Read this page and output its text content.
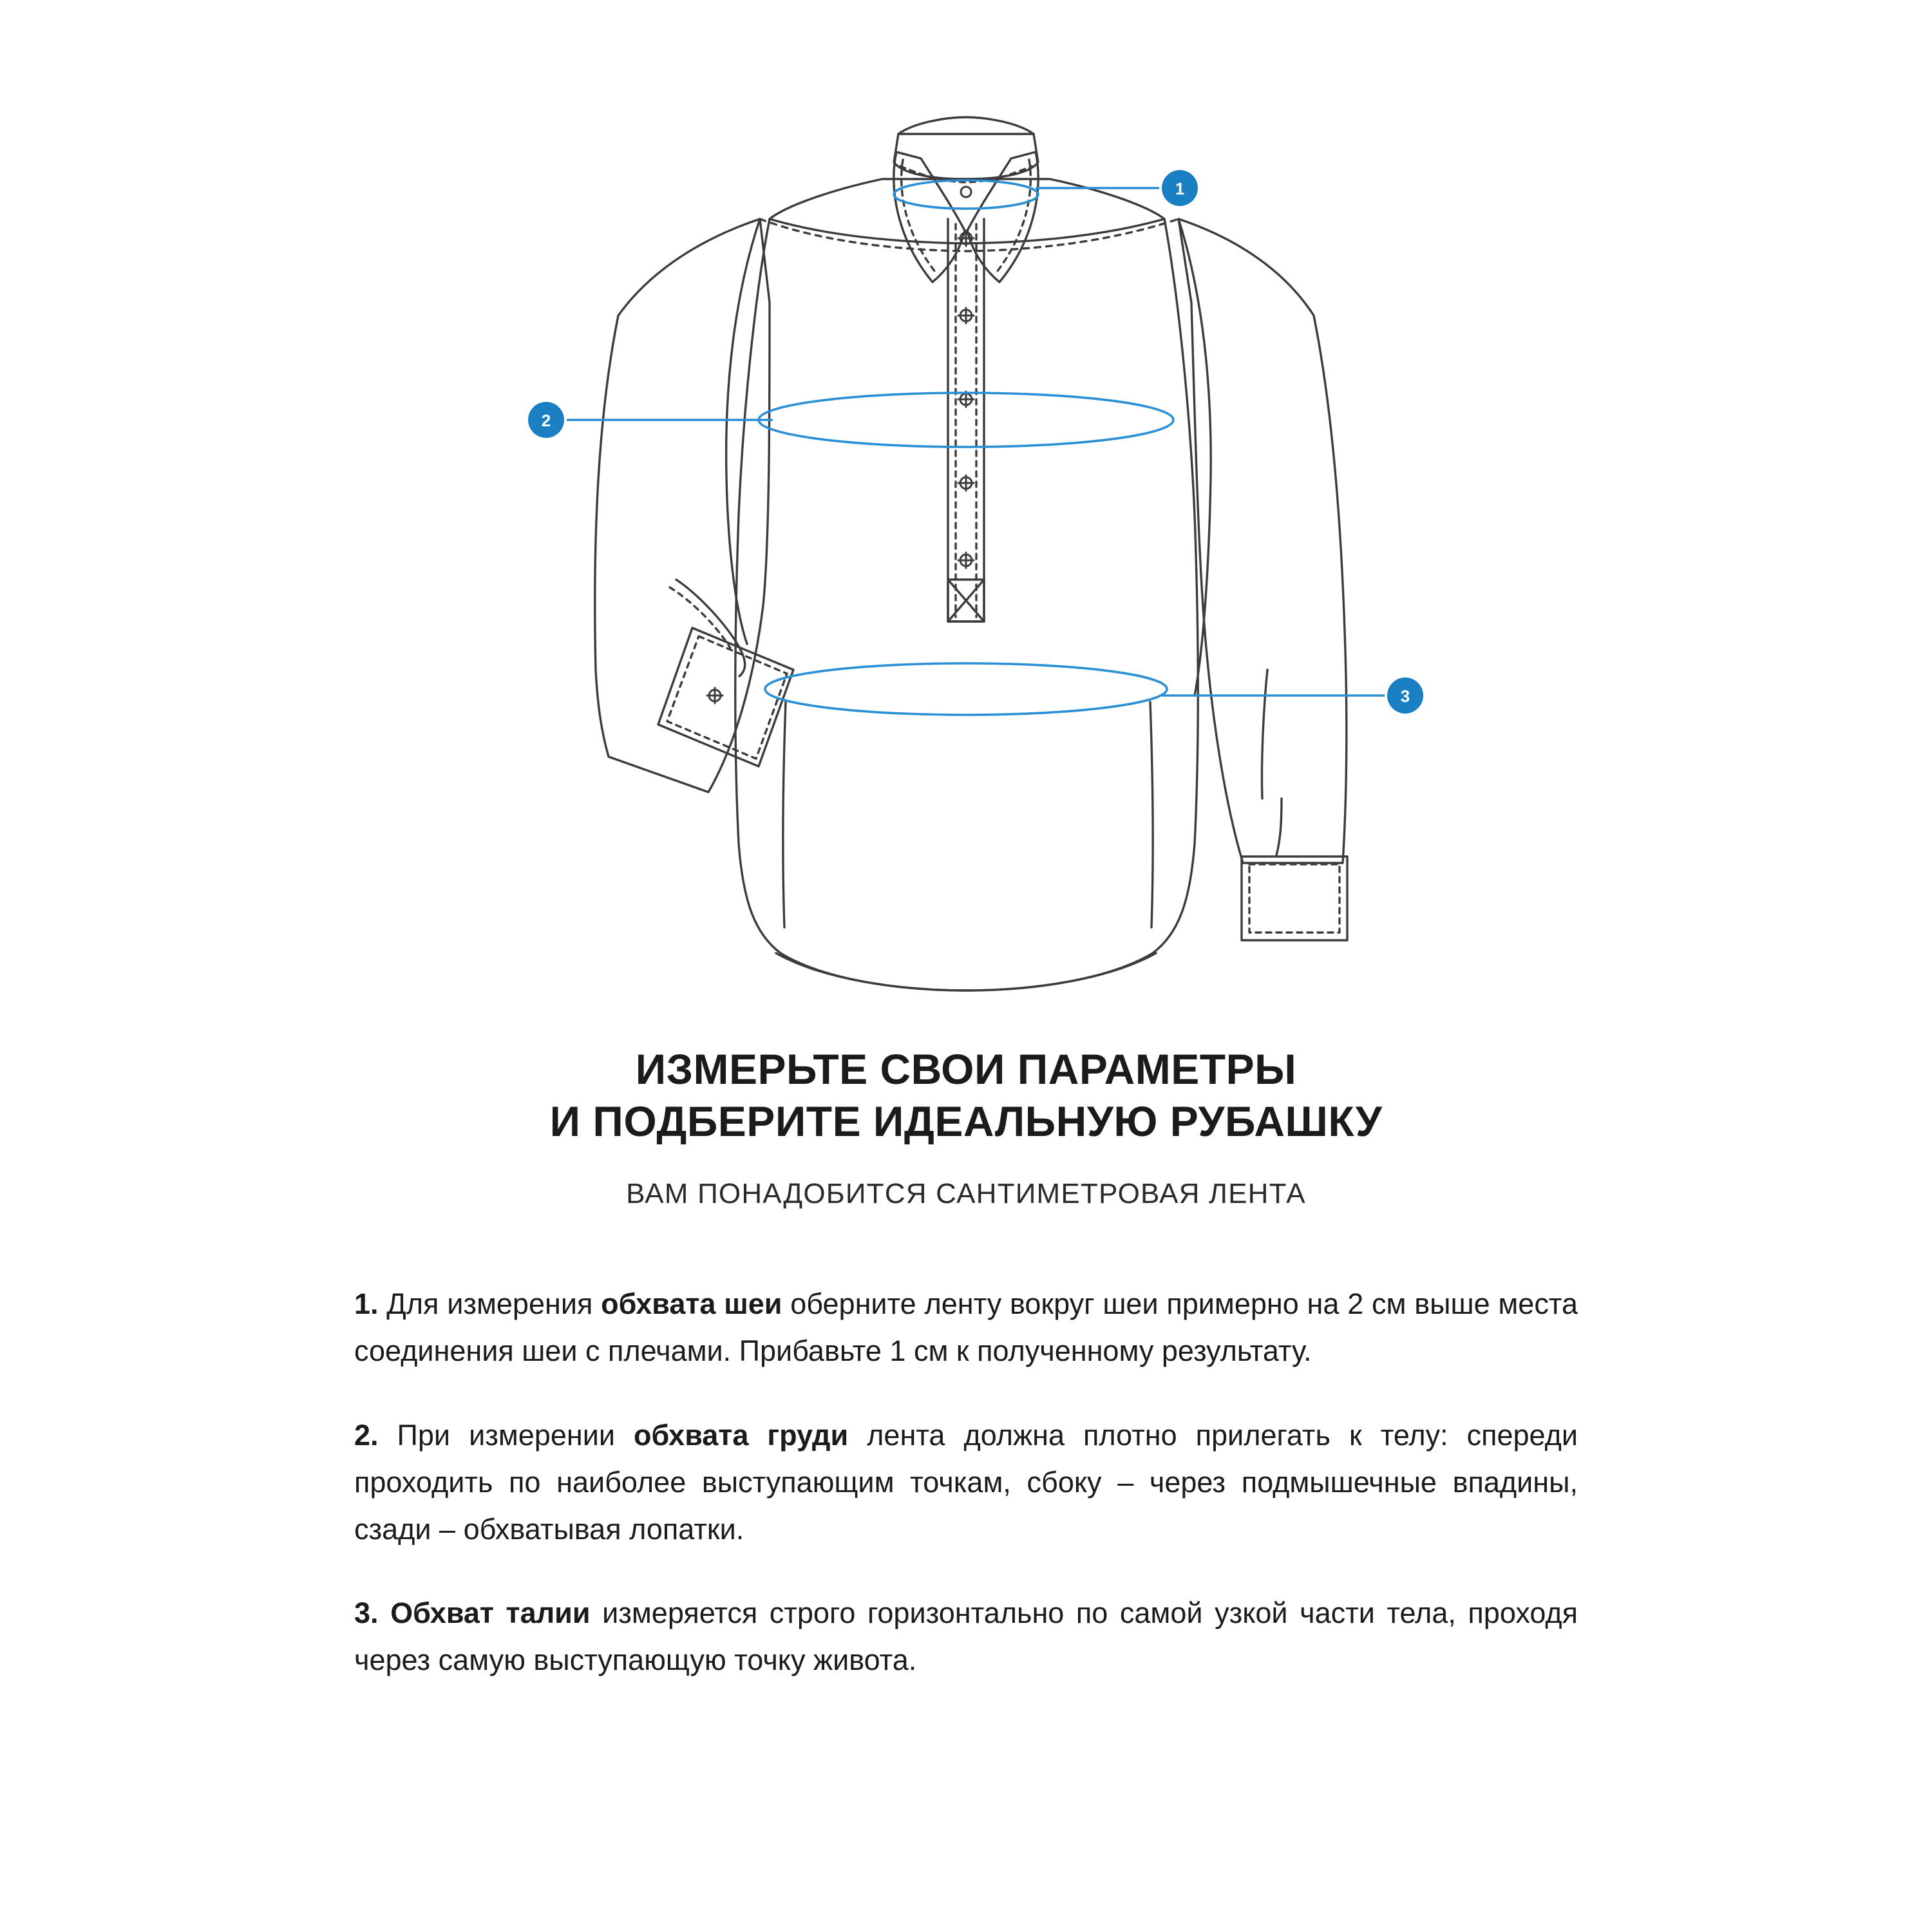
1
2
3
ИЗМЕРЬТЕ СВОИ ПАРАМЕТРЫ
И ПОДБЕРИТЕ ИДЕАЛЬНУЮ РУБАШКУ

ВАМ ПОНАДОБИТСЯ САНТИМЕТРОВАЯ ЛЕНТА

1. Для измерения обхвата шеи оберните ленту вокруг шеи примерно на 2 см выше места соединения шеи с плечами. Прибавьте 1 см к полученному результату.

2. При измерении обхвата груди лента должна плотно прилегать к телу: спереди проходить по наиболее выступающим точкам, сбоку – через подмышечные впадины, сзади – обхватывая лопатки.

3. Обхват талии измеряется строго горизонтально по самой узкой части тела, проходя через самую выступающую точку живота.
